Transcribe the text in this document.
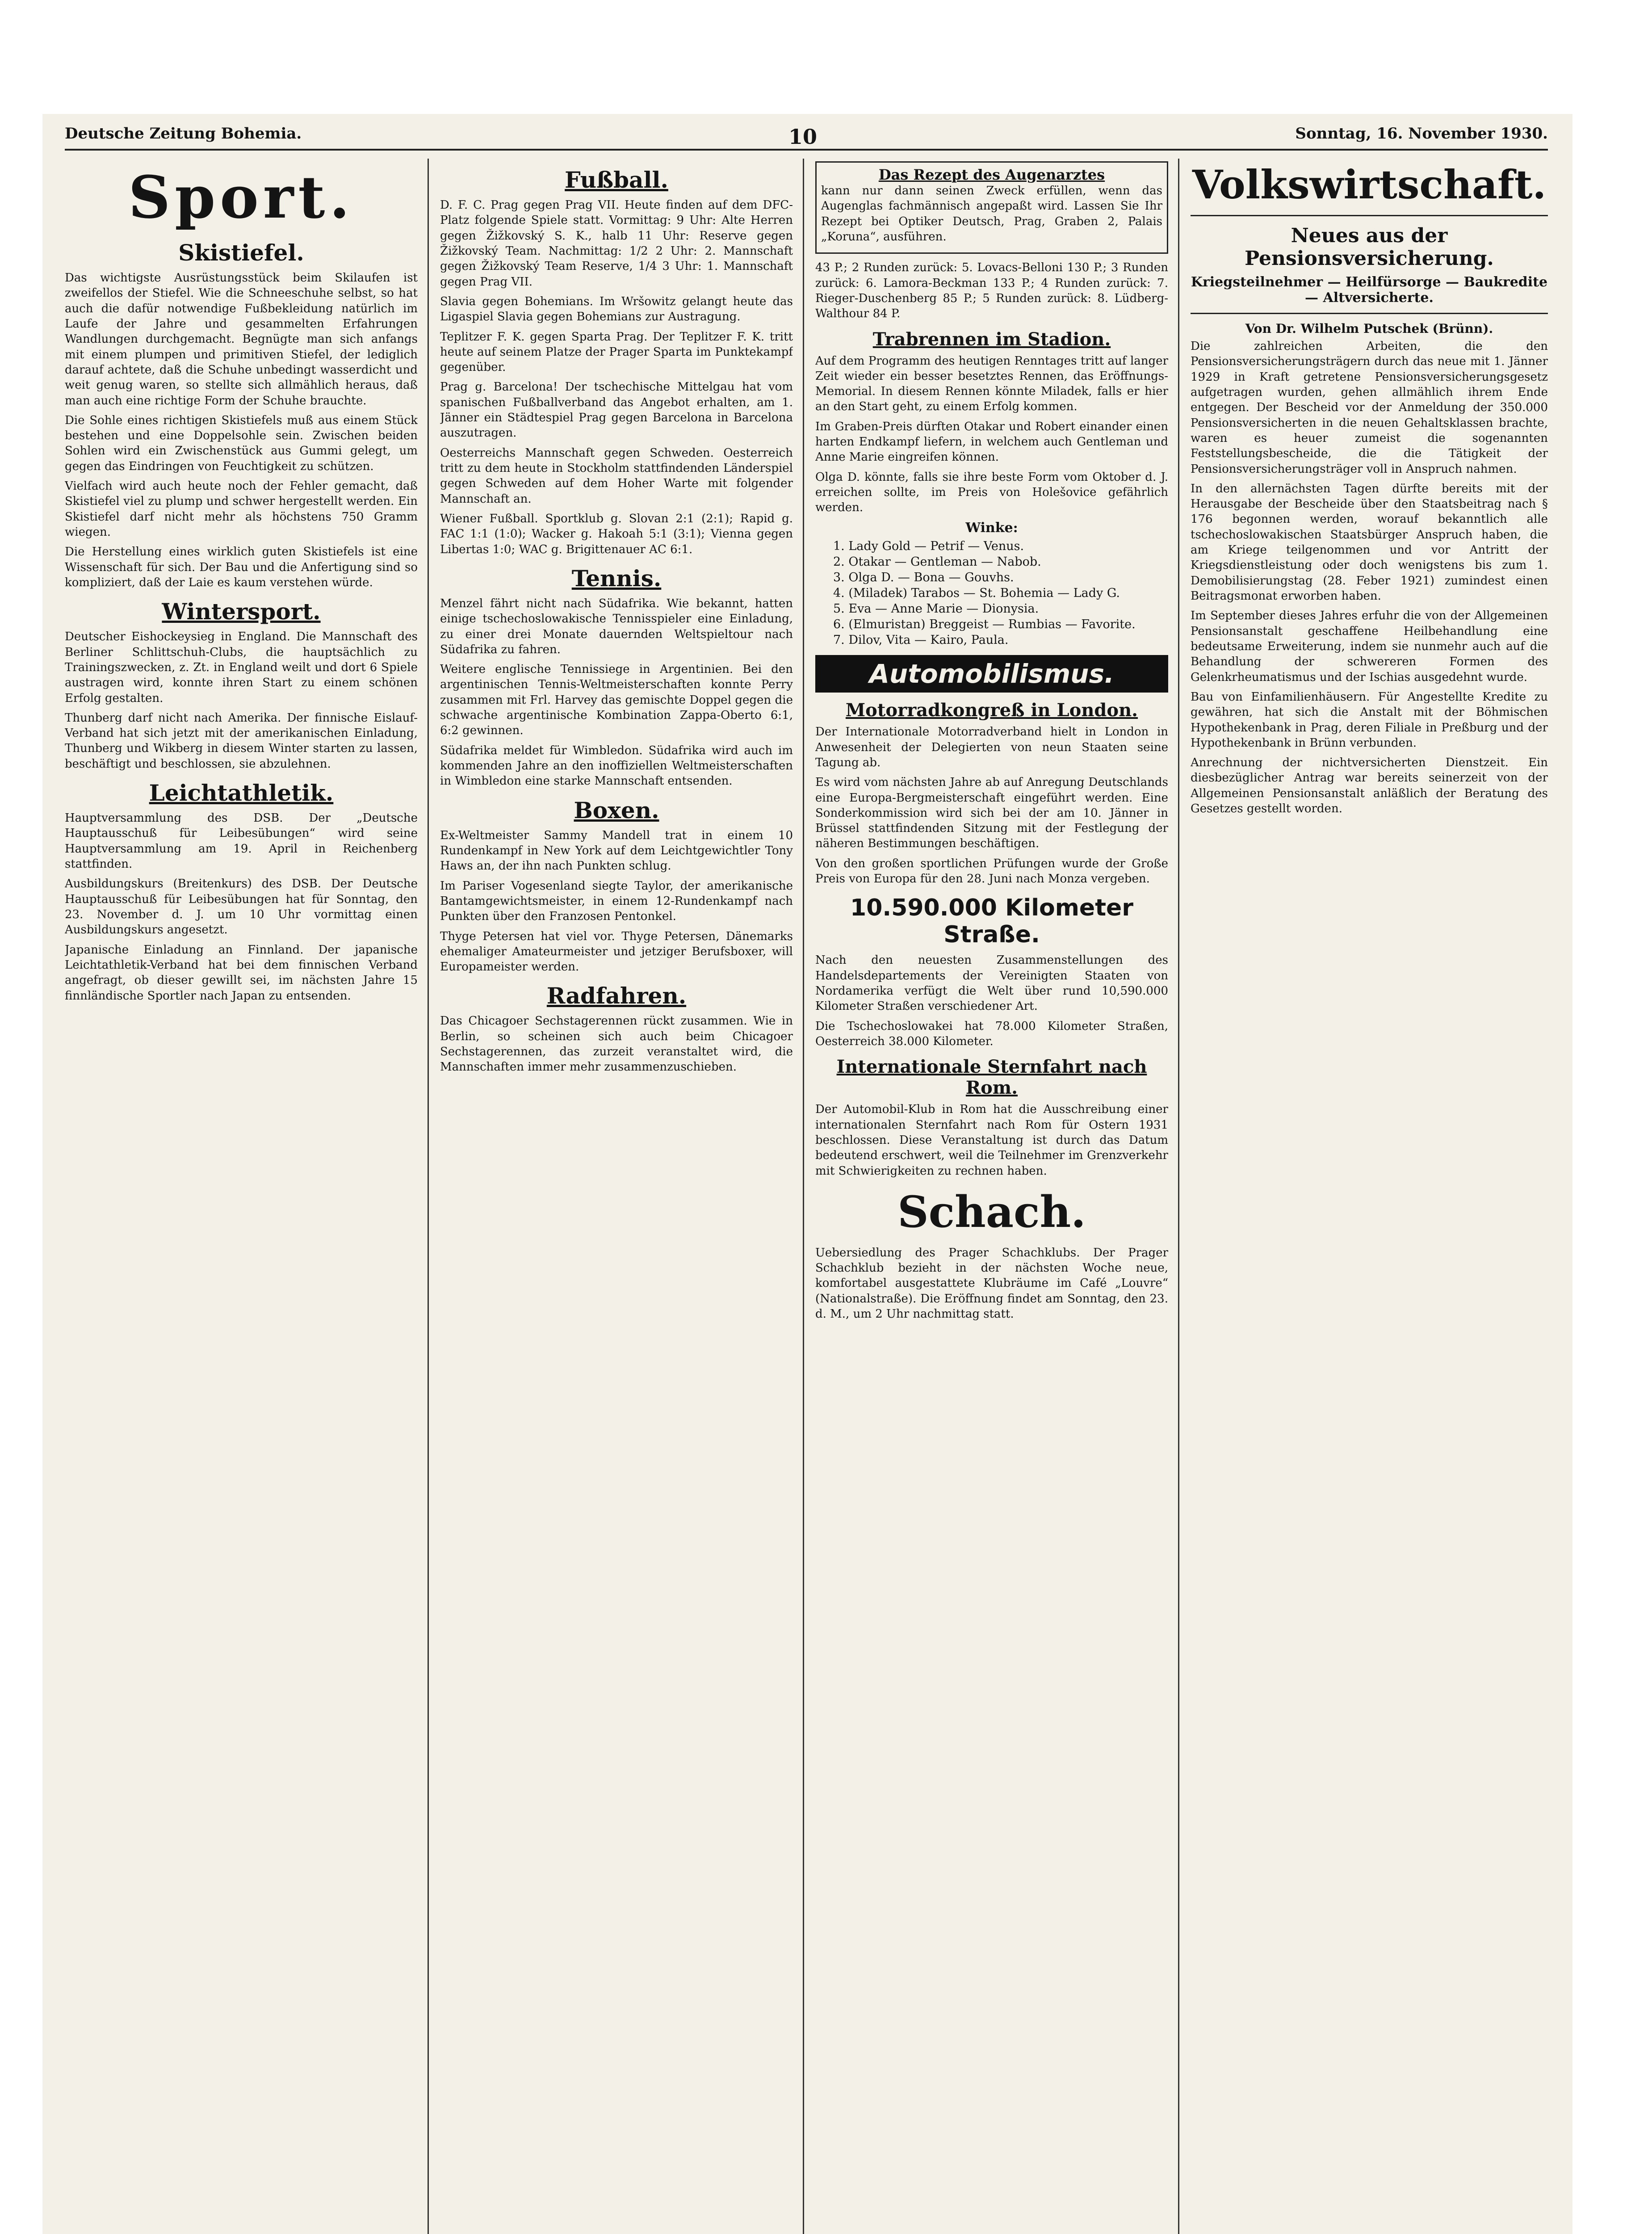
Deutsche Zeitung Bohemia.	10	Sonntag, 16. November 1930.
Sport.
Skistiefel.

Das wichtigste Ausrüstungsstück beim Skilaufen ist zweifellos der Stiefel. Wie die Schneeschuhe selbst, so hat auch die dafür notwendige Fußbekleidung natürlich im Laufe der Jahre und gesammelten Erfahrungen Wandlungen durchgemacht. Begnügte man sich anfangs mit einem plumpen und primitiven Stiefel, der lediglich darauf achtete, daß die Schuhe unbedingt wasserdicht und weit genug waren, so stellte sich allmählich heraus, daß man auch eine richtige Form der Schuhe brauchte.

Die Sohle eines richtigen Skistiefels muß aus einem Stück bestehen und eine Doppelsohle sein. Zwischen beiden Sohlen wird ein Zwischenstück aus Gummi gelegt, um gegen das Eindringen von Feuchtigkeit zu schützen.

Vielfach wird auch heute noch der Fehler gemacht, daß Skistiefel viel zu plump und schwer hergestellt werden. Ein Skistiefel darf nicht mehr als höchstens 750 Gramm wiegen.

Die Herstellung eines wirklich guten Skistiefels ist eine Wissenschaft für sich. Der Bau und die Anfertigung sind so kompliziert, daß der Laie es kaum verstehen würde.

Wintersport.

Deutscher Eishockeysieg in England. Die Mannschaft des Berliner Schlittschuh-Clubs, die hauptsächlich zu Trainingszwecken, z. Zt. in England weilt und dort 6 Spiele austragen wird, konnte ihren Start zu einem schönen Erfolg gestalten.

Thunberg darf nicht nach Amerika. Der finnische Eislauf-Verband hat sich jetzt mit der amerikanischen Einladung, Thunberg und Wikberg in diesem Winter starten zu lassen, beschäftigt und beschlossen, sie abzulehnen.

Leichtathletik.

Hauptversammlung des DSB. Der „Deutsche Hauptausschuß für Leibesübungen“ wird seine Hauptversammlung am 19. April in Reichenberg stattfinden.

Ausbildungskurs (Breitenkurs) des DSB. Der Deutsche Hauptausschuß für Leibesübungen hat für Sonntag, den 23. November d. J. um 10 Uhr vormittag einen Ausbildungskurs angesetzt.

Japanische Einladung an Finnland. Der japanische Leichtathletik-Verband hat bei dem finnischen Verband angefragt, ob dieser gewillt sei, im nächsten Jahre 15 finnländische Sportler nach Japan zu entsenden.

Fußball.

D. F. C. Prag gegen Prag VII. Heute finden auf dem DFC-Platz folgende Spiele statt. Vormittag: 9 Uhr: Alte Herren gegen Žižkovský S. K., halb 11 Uhr: Reserve gegen Žižkovský Team. Nachmittag: 1/2 2 Uhr: 2. Mannschaft gegen Žižkovský Team Reserve, 1/4 3 Uhr: 1. Mannschaft gegen Prag VII.

Slavia gegen Bohemians. Im Wršowitz gelangt heute das Ligaspiel Slavia gegen Bohemians zur Austragung.

Teplitzer F. K. gegen Sparta Prag. Der Teplitzer F. K. tritt heute auf seinem Platze der Prager Sparta im Punktekampf gegenüber.

Prag g. Barcelona! Der tschechische Mittelgau hat vom spanischen Fußballverband das Angebot erhalten, am 1. Jänner ein Städtespiel Prag gegen Barcelona in Barcelona auszutragen.

Oesterreichs Mannschaft gegen Schweden. Oesterreich tritt zu dem heute in Stockholm stattfindenden Länderspiel gegen Schweden auf dem Hoher Warte mit folgender Mannschaft an.

Wiener Fußball. Sportklub g. Slovan 2:1 (2:1); Rapid g. FAC 1:1 (1:0); Wacker g. Hakoah 5:1 (3:1); Vienna gegen Libertas 1:0; WAC g. Brigittenauer AC 6:1.

Tennis.

Menzel fährt nicht nach Südafrika. Wie bekannt, hatten einige tschechoslowakische Tennisspieler eine Einladung, zu einer drei Monate dauernden Weltspieltour nach Südafrika zu fahren.

Weitere englische Tennissiege in Argentinien. Bei den argentinischen Tennis-Weltmeisterschaften konnte Perry zusammen mit Frl. Harvey das gemischte Doppel gegen die schwache argentinische Kombination Zappa-Oberto 6:1, 6:2 gewinnen.

Südafrika meldet für Wimbledon. Südafrika wird auch im kommenden Jahre an den inoffiziellen Weltmeisterschaften in Wimbledon eine starke Mannschaft entsenden.

Boxen.

Ex-Weltmeister Sammy Mandell trat in einem 10 Rundenkampf in New York auf dem Leichtgewichtler Tony Haws an, der ihn nach Punkten schlug.

Im Pariser Vogesenland siegte Taylor, der amerikanische Bantamgewichtsmeister, in einem 12-Rundenkampf nach Punkten über den Franzosen Pentonkel.

Thyge Petersen hat viel vor. Thyge Petersen, Dänemarks ehemaliger Amateurmeister und jetziger Berufsboxer, will Europameister werden.

Radfahren.

Das Chicagoer Sechstagerennen rückt zusammen. Wie in Berlin, so scheinen sich auch beim Chicagoer Sechstagerennen, das zurzeit veranstaltet wird, die Mannschaften immer mehr zusammenzuschieben.

Das Rezept des Augenarztes

kann nur dann seinen Zweck erfüllen, wenn das Augenglas fachmännisch angepaßt wird. Lassen Sie Ihr Rezept bei Optiker Deutsch, Prag, Graben 2, Palais „Koruna“, ausführen.

43 P.; 2 Runden zurück: 5. Lovacs-Belloni 130 P.; 3 Runden zurück: 6. Lamora-Beckman 133 P.; 4 Runden zurück: 7. Rieger-Duschenberg 85 P.; 5 Runden zurück: 8. Lüdberg-Walthour 84 P.

Trabrennen im Stadion.

Auf dem Programm des heutigen Renntages tritt auf langer Zeit wieder ein besser besetztes Rennen, das Eröffnungs-Memorial. In diesem Rennen könnte Miladek, falls er hier an den Start geht, zu einem Erfolg kommen.

Im Graben-Preis dürften Otakar und Robert einander einen harten Endkampf liefern, in welchem auch Gentleman und Anne Marie eingreifen können.

Olga D. könnte, falls sie ihre beste Form vom Oktober d. J. erreichen sollte, im Preis von Holešovice gefährlich werden.

Winke:
1. Lady Gold — Petrif — Venus.
2. Otakar — Gentleman — Nabob.
3. Olga D. — Bona — Gouvhs.
4. (Miladek) Tarabos — St. Bohemia — Lady G.
5. Eva — Anne Marie — Dionysia.
6. (Elmuristan) Breggeist — Rumbias — Favorite.
7. Dilov, Vita — Kairo, Paula.
Automobilismus.
Motorradkongreß in London.

Der Internationale Motorradverband hielt in London in Anwesenheit der Delegierten von neun Staaten seine Tagung ab.

Es wird vom nächsten Jahre ab auf Anregung Deutschlands eine Europa-Bergmeisterschaft eingeführt werden. Eine Sonderkommission wird sich bei der am 10. Jänner in Brüssel stattfindenden Sitzung mit der Festlegung der näheren Bestimmungen beschäftigen.

Von den großen sportlichen Prüfungen wurde der Große Preis von Europa für den 28. Juni nach Monza vergeben.

10.590.000 Kilometer Straße.

Nach den neuesten Zusammenstellungen des Handelsdepartements der Vereinigten Staaten von Nordamerika verfügt die Welt über rund 10,590.000 Kilometer Straßen verschiedener Art.

Die Tschechoslowakei hat 78.000 Kilometer Straßen, Oesterreich 38.000 Kilometer.

Internationale Sternfahrt nach Rom.

Der Automobil-Klub in Rom hat die Ausschreibung einer internationalen Sternfahrt nach Rom für Ostern 1931 beschlossen. Diese Veranstaltung ist durch das Datum bedeutend erschwert, weil die Teilnehmer im Grenzverkehr mit Schwierigkeiten zu rechnen haben.

Schach.

Uebersiedlung des Prager Schachklubs. Der Prager Schachklub bezieht in der nächsten Woche neue, komfortabel ausgestattete Klubräume im Café „Louvre“ (Nationalstraße). Die Eröffnung findet am Sonntag, den 23. d. M., um 2 Uhr nachmittag statt.

Volkswirtschaft.
Neues aus der Pensionsversicherung.
Kriegsteilnehmer — Heilfürsorge — Baukredite — Altversicherte.
Von Dr. Wilhelm Putschek (Brünn).

Die zahlreichen Arbeiten, die den Pensionsversicherungsträgern durch das neue mit 1. Jänner 1929 in Kraft getretene Pensionsversicherungsgesetz aufgetragen wurden, gehen allmählich ihrem Ende entgegen. Der Bescheid vor der Anmeldung der 350.000 Pensionsversicherten in die neuen Gehaltsklassen brachte, waren es heuer zumeist die sogenannten Feststellungsbescheide, die die Tätigkeit der Pensionsversicherungsträger voll in Anspruch nahmen.

In den allernächsten Tagen dürfte bereits mit der Herausgabe der Bescheide über den Staatsbeitrag nach § 176 begonnen werden, worauf bekanntlich alle tschechoslowakischen Staatsbürger Anspruch haben, die am Kriege teilgenommen und vor Antritt der Kriegsdienstleistung oder doch wenigstens bis zum 1. Demobilisierungstag (28. Feber 1921) zumindest einen Beitragsmonat erworben haben.

Im September dieses Jahres erfuhr die von der Allgemeinen Pensionsanstalt geschaffene Heilbehandlung eine bedeutsame Erweiterung, indem sie nunmehr auch auf die Behandlung der schwereren Formen des Gelenkrheumatismus und der Ischias ausgedehnt wurde.

Bau von Einfamilienhäusern. Für Angestellte Kredite zu gewähren, hat sich die Anstalt mit der Böhmischen Hypothekenbank in Prag, deren Filiale in Preßburg und der Hypothekenbank in Brünn verbunden.

Anrechnung der nichtversicherten Dienstzeit. Ein diesbezüglicher Antrag war bereits seinerzeit von der Allgemeinen Pensionsanstalt anläßlich der Beratung des Gesetzes gestellt worden.
